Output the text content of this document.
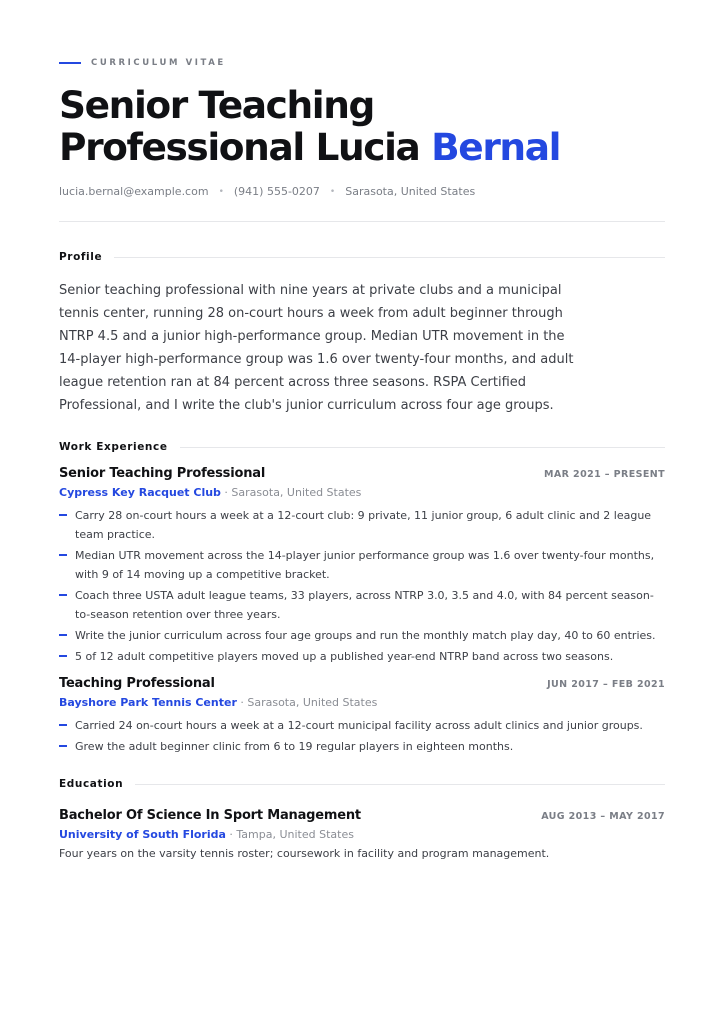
CURRICULUM VITAE
Senior Teaching
Professional Lucia Bernal
lucia.bernal@example.com • (941) 555-0207 • Sarasota, United States
Profile

Senior teaching professional with nine years at private clubs and a municipal tennis center, running 28 on-court hours a week from adult beginner through NTRP 4.5 and a junior high-performance group. Median UTR movement in the 14-player high-performance group was 1.6 over twenty-four months, and adult league retention ran at 84 percent across three seasons. RSPA Certified Professional, and I write the club's junior curriculum across four age groups.

Work Experience
Senior Teaching Professional	MAR 2021 – PRESENT
Cypress Key Racquet Club · Sarasota, United States
Carry 28 on-court hours a week at a 12-court club: 9 private, 11 junior group, 6 adult clinic and 2 league team practice.
Median UTR movement across the 14-player junior performance group was 1.6 over twenty-four months, with 9 of 14 moving up a competitive bracket.
Coach three USTA adult league teams, 33 players, across NTRP 3.0, 3.5 and 4.0, with 84 percent season-to-season retention over three years.
Write the junior curriculum across four age groups and run the monthly match play day, 40 to 60 entries.
5 of 12 adult competitive players moved up a published year-end NTRP band across two seasons.
Teaching Professional	JUN 2017 – FEB 2021
Bayshore Park Tennis Center · Sarasota, United States
Carried 24 on-court hours a week at a 12-court municipal facility across adult clinics and junior groups.
Grew the adult beginner clinic from 6 to 19 regular players in eighteen months.
Education
Bachelor Of Science In Sport Management	AUG 2013 – MAY 2017
University of South Florida · Tampa, United States

Four years on the varsity tennis roster; coursework in facility and program management.
